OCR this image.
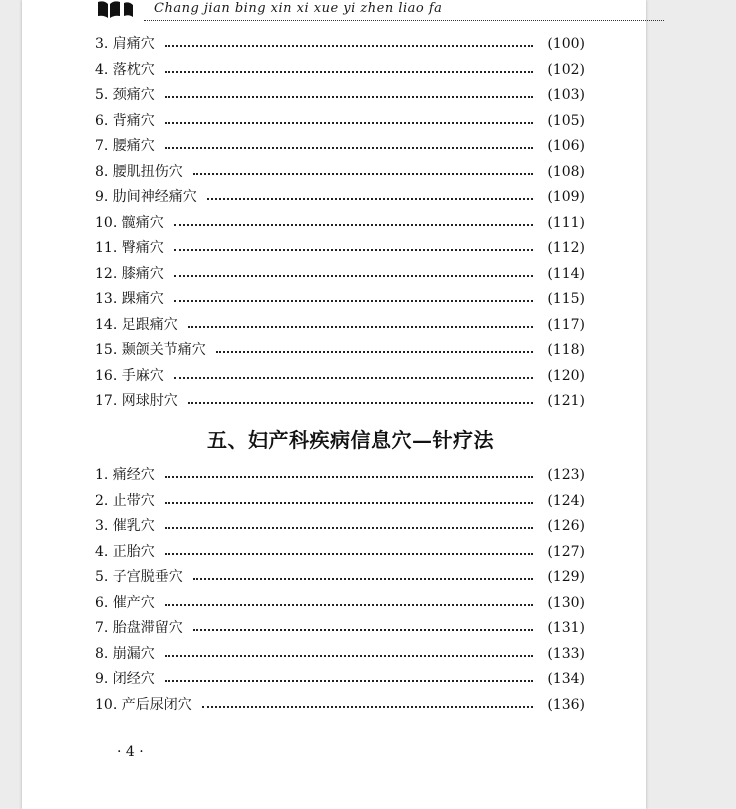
Chang jian bing xin xi xue yi zhen liao fa
3. 肩痛穴	(100)
4. 落枕穴	(102)
5. 颈痛穴	(103)
6. 背痛穴	(105)
7. 腰痛穴	(106)
8. 腰肌扭伤穴	(108)
9. 肋间神经痛穴	(109)
10. 髋痛穴	(111)
11. 臀痛穴	(112)
12. 膝痛穴	(114)
13. 踝痛穴	(115)
14. 足跟痛穴	(117)
15. 颞颌关节痛穴	(118)
16. 手麻穴	(120)
17. 网球肘穴	(121)
五、妇产科疾病信息穴—针疗法
1. 痛经穴	(123)
2. 止带穴	(124)
3. 催乳穴	(126)
4. 正胎穴	(127)
5. 子宫脱垂穴	(129)
6. 催产穴	(130)
7. 胎盘滞留穴	(131)
8. 崩漏穴	(133)
9. 闭经穴	(134)
10. 产后尿闭穴	(136)
· 4 ·
